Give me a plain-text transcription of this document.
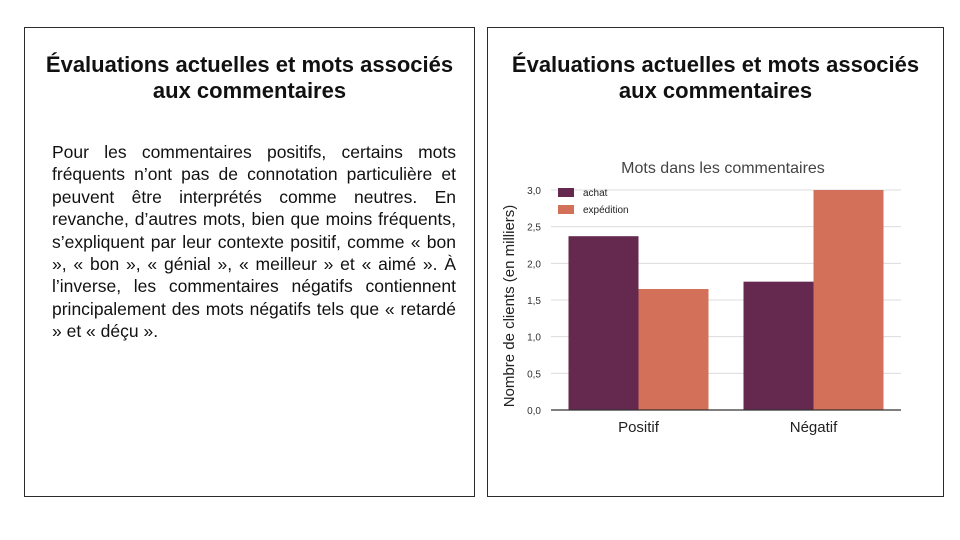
Évaluations actuelles et mots associés aux commentaires
Pour les commentaires positifs, certains mots fréquents n’ont pas de connotation particulière et peuvent être interprétés comme neutres. En revanche, d’autres mots, bien que moins fréquents, s’expliquent par leur contexte positif, comme « bon », « bon », « génial », « meilleur » et « aimé ». À l’inverse, les commentaires négatifs contiennent principalement des mots négatifs tels que « retardé » et « déçu ».
Évaluations actuelles et mots associés aux commentaires
Mots dans les commentaires
Nombre de clients (en milliers)
0,0
0,5
1,0
1,5
2,0
2,5
3,0
Positif	Négatif
achat
expédition
